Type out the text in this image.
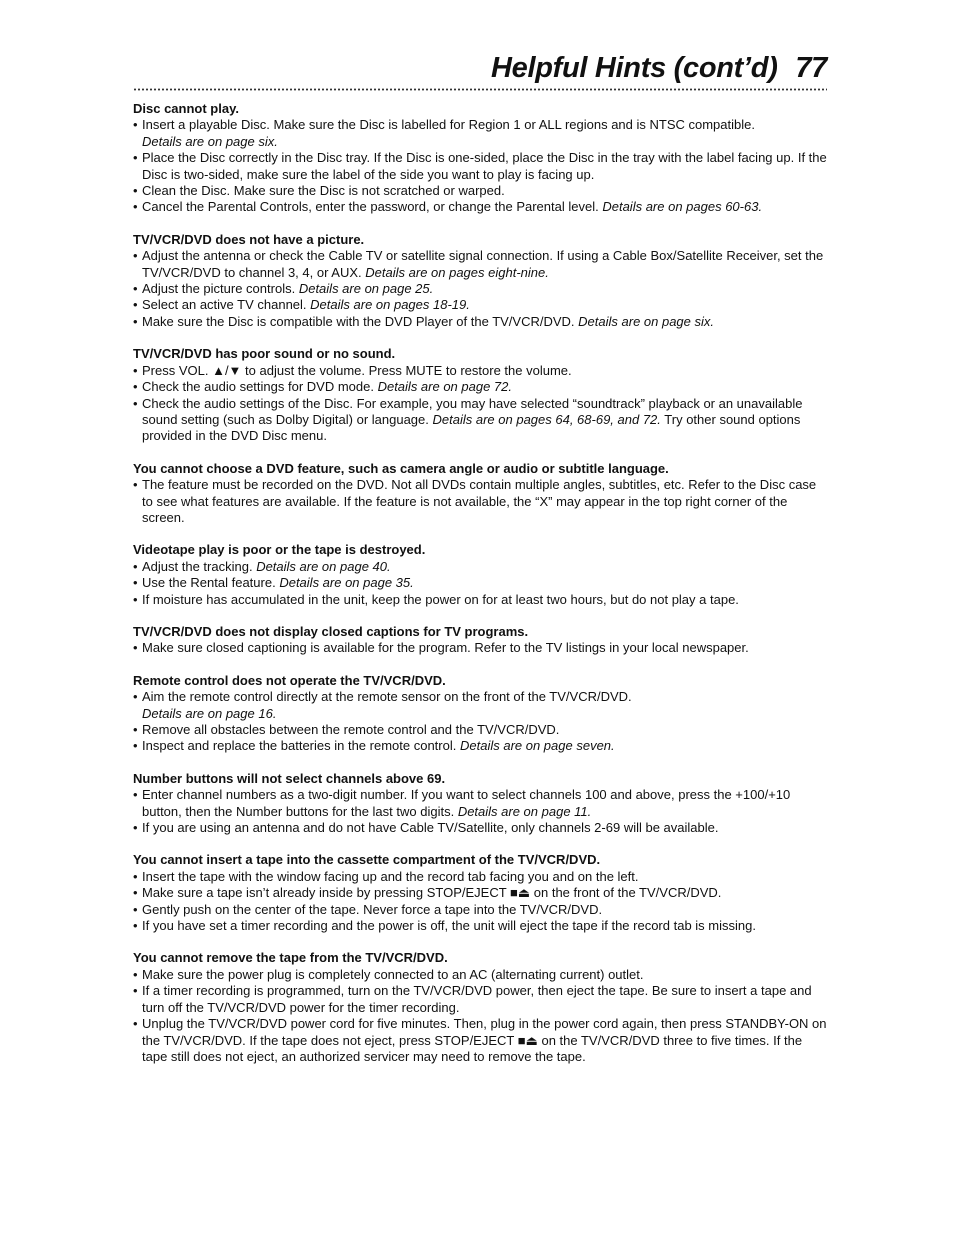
Helpful Hints (cont’d) 77

Disc cannot play.

• Insert a playable Disc. Make sure the Disc is labelled for Region 1 or ALL regions and is NTSC compatible.
Details are on page six.
• Place the Disc correctly in the Disc tray. If the Disc is one-sided, place the Disc in the tray with the label facing up. If the Disc is two-sided, make sure the label of the side you want to play is facing up.
• Clean the Disc. Make sure the Disc is not scratched or warped.
• Cancel the Parental Controls, enter the password, or change the Parental level. Details are on pages 60-63.

TV/VCR/DVD does not have a picture.

• Adjust the antenna or check the Cable TV or satellite signal connection. If using a Cable Box/Satellite Receiver, set the TV/VCR/DVD to channel 3, 4, or AUX. Details are on pages eight-nine.
• Adjust the picture controls. Details are on page 25.
• Select an active TV channel. Details are on pages 18-19.
• Make sure the Disc is compatible with the DVD Player of the TV/VCR/DVD. Details are on page six.

TV/VCR/DVD has poor sound or no sound.

• Press VOL. ▲/▼ to adjust the volume. Press MUTE to restore the volume.
• Check the audio settings for DVD mode. Details are on page 72.
• Check the audio settings of the Disc. For example, you may have selected “soundtrack” playback or an unavailable sound setting (such as Dolby Digital) or language. Details are on pages 64, 68-69, and 72. Try other sound options provided in the DVD Disc menu.

You cannot choose a DVD feature, such as camera angle or audio or subtitle language.

• The feature must be recorded on the DVD. Not all DVDs contain multiple angles, subtitles, etc. Refer to the Disc case to see what features are available. If the feature is not available, the “X” may appear in the top right corner of the screen.

Videotape play is poor or the tape is destroyed.

• Adjust the tracking. Details are on page 40.
• Use the Rental feature. Details are on page 35.
• If moisture has accumulated in the unit, keep the power on for at least two hours, but do not play a tape.

TV/VCR/DVD does not display closed captions for TV programs.

• Make sure closed captioning is available for the program. Refer to the TV listings in your local newspaper.

Remote control does not operate the TV/VCR/DVD.

• Aim the remote control directly at the remote sensor on the front of the TV/VCR/DVD.
Details are on page 16.
• Remove all obstacles between the remote control and the TV/VCR/DVD.
• Inspect and replace the batteries in the remote control. Details are on page seven.

Number buttons will not select channels above 69.

• Enter channel numbers as a two-digit number. If you want to select channels 100 and above, press the +100/+10 button, then the Number buttons for the last two digits. Details are on page 11.
• If you are using an antenna and do not have Cable TV/Satellite, only channels 2-69 will be available.

You cannot insert a tape into the cassette compartment of the TV/VCR/DVD.

• Insert the tape with the window facing up and the record tab facing you and on the left.
• Make sure a tape isn’t already inside by pressing STOP/EJECT ■⏏ on the front of the TV/VCR/DVD.
• Gently push on the center of the tape. Never force a tape into the TV/VCR/DVD.
• If you have set a timer recording and the power is off, the unit will eject the tape if the record tab is missing.

You cannot remove the tape from the TV/VCR/DVD.

• Make sure the power plug is completely connected to an AC (alternating current) outlet.
• If a timer recording is programmed, turn on the TV/VCR/DVD power, then eject the tape. Be sure to insert a tape and turn off the TV/VCR/DVD power for the timer recording.
• Unplug the TV/VCR/DVD power cord for five minutes. Then, plug in the power cord again, then press STANDBY-ON on the TV/VCR/DVD. If the tape does not eject, press STOP/EJECT ■⏏ on the TV/VCR/DVD three to five times. If the tape still does not eject, an authorized servicer may need to remove the tape.
